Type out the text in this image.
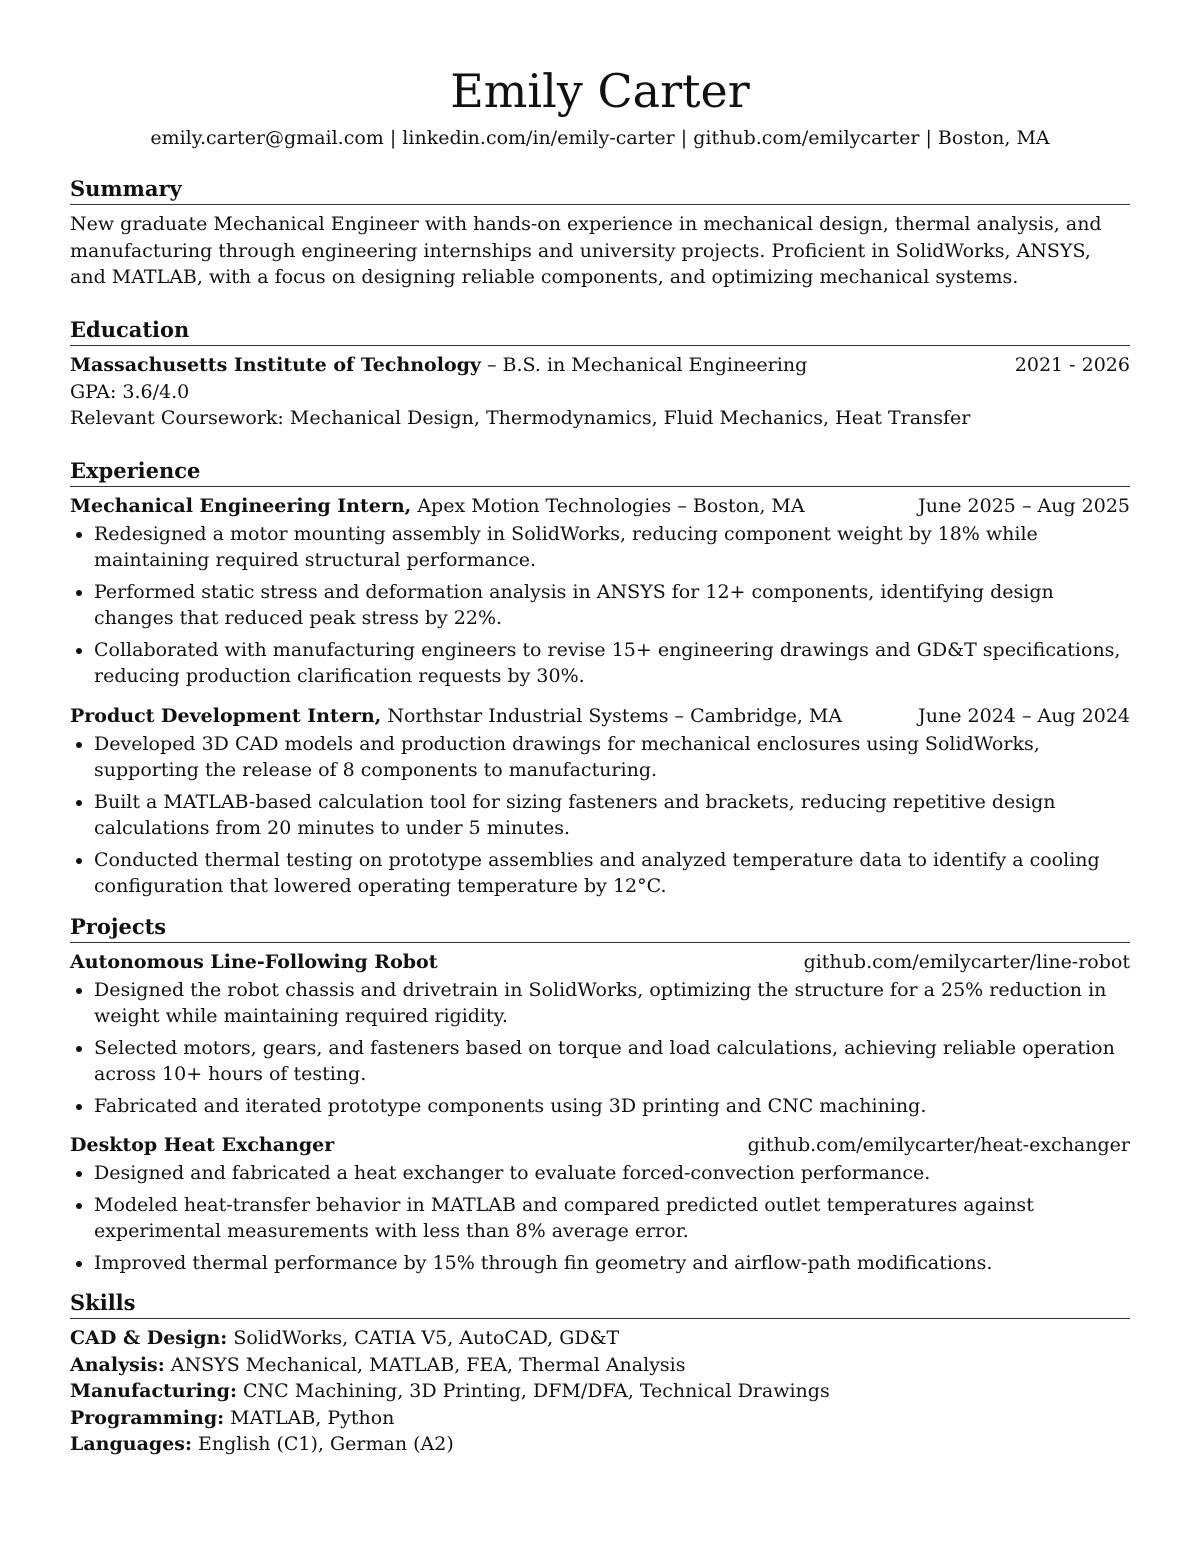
Emily Carter
emily.carter@gmail.com | linkedin.com/in/emily-carter | github.com/emilycarter | Boston, MA
Summary
New graduate Mechanical Engineer with hands-on experience in mechanical design, thermal analysis, and manufacturing through engineering internships and university projects. Proficient in SolidWorks, ANSYS, and MATLAB, with a focus on designing reliable components, and optimizing mechanical systems.
Education
Massachusetts Institute of Technology – B.S. in Mechanical Engineering	2021 - 2026
GPA: 3.6/4.0
Relevant Coursework: Mechanical Design, Thermodynamics, Fluid Mechanics, Heat Transfer
Experience
Mechanical Engineering Intern, Apex Motion Technologies – Boston, MA	June 2025 – Aug 2025
Redesigned a motor mounting assembly in SolidWorks, reducing component weight by 18% while maintaining required structural performance.
Performed static stress and deformation analysis in ANSYS for 12+ components, identifying design changes that reduced peak stress by 22%.
Collaborated with manufacturing engineers to revise 15+ engineering drawings and GD&T specifications, reducing production clarification requests by 30%.
Product Development Intern, Northstar Industrial Systems – Cambridge, MA	June 2024 – Aug 2024
Developed 3D CAD models and production drawings for mechanical enclosures using SolidWorks, supporting the release of 8 components to manufacturing.
Built a MATLAB-based calculation tool for sizing fasteners and brackets, reducing repetitive design calculations from 20 minutes to under 5 minutes.
Conducted thermal testing on prototype assemblies and analyzed temperature data to identify a cooling configuration that lowered operating temperature by 12°C.
Projects
Autonomous Line-Following Robot	github.com/emilycarter/line-robot
Designed the robot chassis and drivetrain in SolidWorks, optimizing the structure for a 25% reduction in weight while maintaining required rigidity.
Selected motors, gears, and fasteners based on torque and load calculations, achieving reliable operation across 10+ hours of testing.
Fabricated and iterated prototype components using 3D printing and CNC machining.
Desktop Heat Exchanger	github.com/emilycarter/heat-exchanger
Designed and fabricated a heat exchanger to evaluate forced-convection performance.
Modeled heat-transfer behavior in MATLAB and compared predicted outlet temperatures against experimental measurements with less than 8% average error.
Improved thermal performance by 15% through fin geometry and airflow-path modifications.
Skills
CAD & Design: SolidWorks, CATIA V5, AutoCAD, GD&T
Analysis: ANSYS Mechanical, MATLAB, FEA, Thermal Analysis
Manufacturing: CNC Machining, 3D Printing, DFM/DFA, Technical Drawings
Programming: MATLAB, Python
Languages: English (C1), German (A2)
